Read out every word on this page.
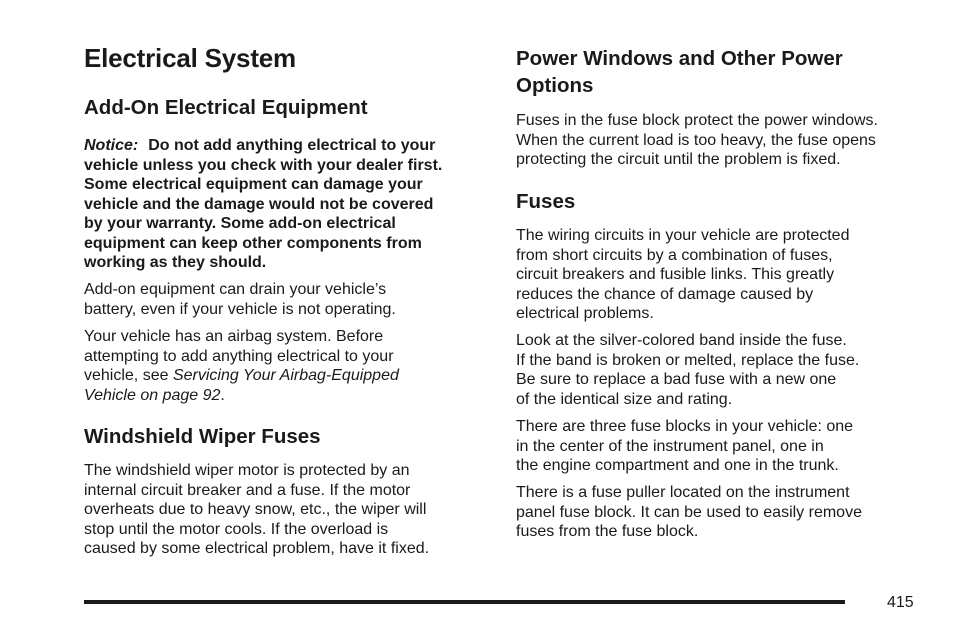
Electrical System
Add-On Electrical Equipment
Notice: Do not add anything electrical to your
vehicle unless you check with your dealer first.
Some electrical equipment can damage your
vehicle and the damage would not be covered
by your warranty. Some add-on electrical
equipment can keep other components from
working as they should.
Add-on equipment can drain your vehicle’s
battery, even if your vehicle is not operating.
Your vehicle has an airbag system. Before
attempting to add anything electrical to your
vehicle, see Servicing Your Airbag-Equipped
Vehicle on page 92.
Windshield Wiper Fuses
The windshield wiper motor is protected by an
internal circuit breaker and a fuse. If the motor
overheats due to heavy snow, etc., the wiper will
stop until the motor cools. If the overload is
caused by some electrical problem, have it fixed.
Power Windows and Other Power
Options
Fuses in the fuse block protect the power windows.
When the current load is too heavy, the fuse opens
protecting the circuit until the problem is fixed.
Fuses
The wiring circuits in your vehicle are protected
from short circuits by a combination of fuses,
circuit breakers and fusible links. This greatly
reduces the chance of damage caused by
electrical problems.
Look at the silver-colored band inside the fuse.
If the band is broken or melted, replace the fuse.
Be sure to replace a bad fuse with a new one
of the identical size and rating.
There are three fuse blocks in your vehicle: one
in the center of the instrument panel, one in
the engine compartment and one in the trunk.
There is a fuse puller located on the instrument
panel fuse block. It can be used to easily remove
fuses from the fuse block.
415
